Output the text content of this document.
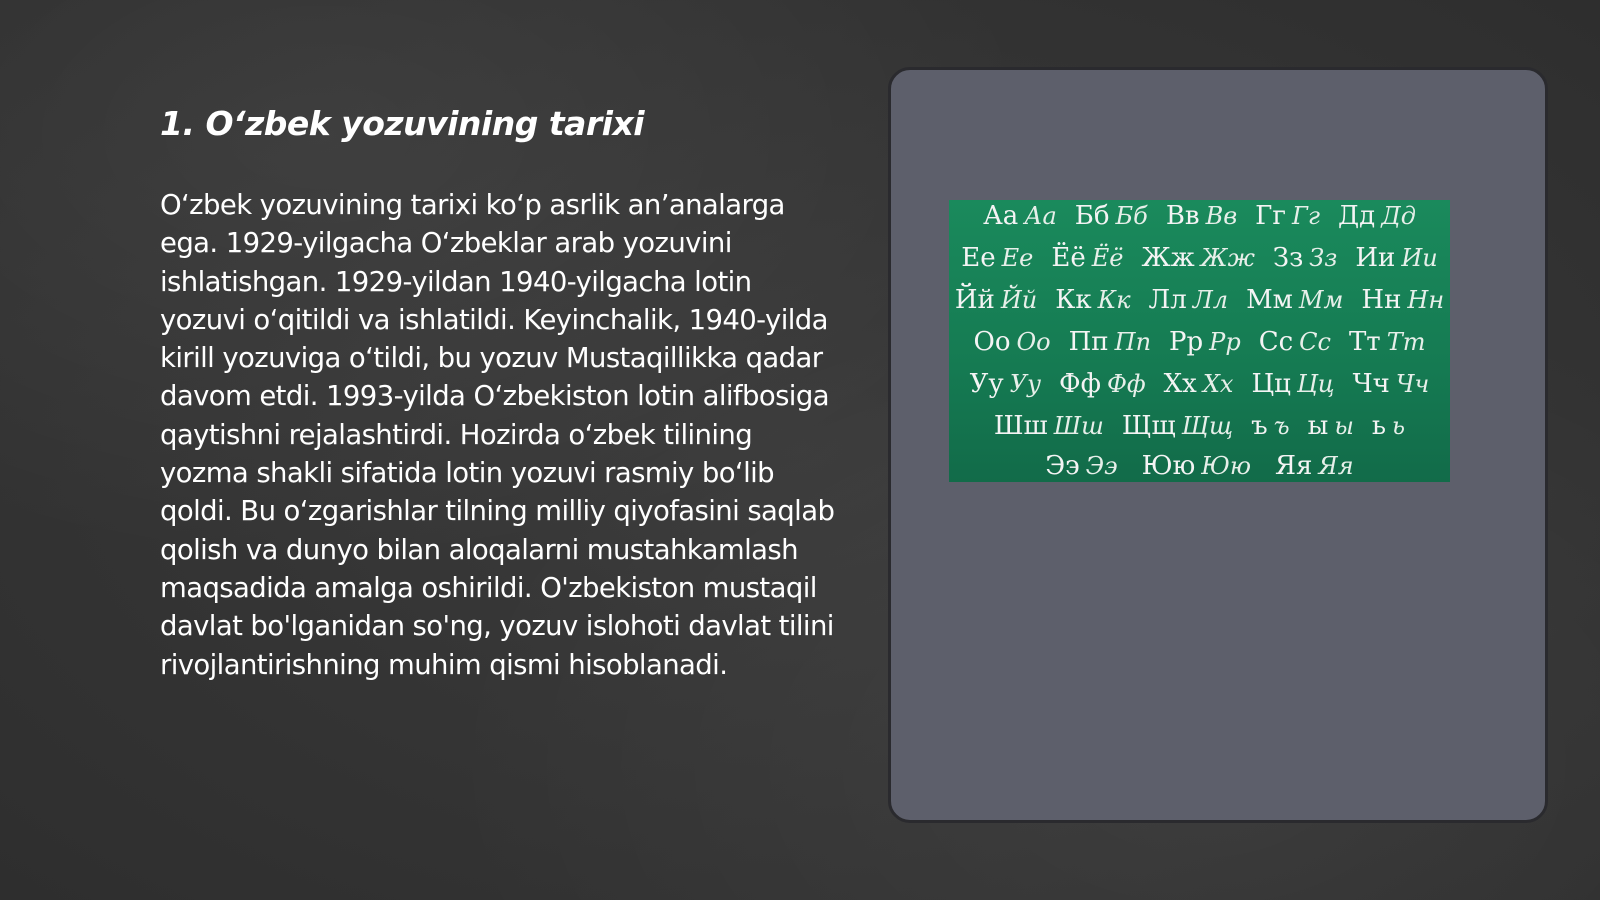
1. O‘zbek yozuvining tarixi

O‘zbek yozuvining tarixi ko‘p asrlik an’analarga ega. 1929-yilgacha O‘zbeklar arab yozuvini ishlatishgan. 1929-yildan 1940-yilgacha lotin yozuvi o‘qitildi va ishlatildi. Keyinchalik, 1940-yilda kirill yozuviga o‘tildi, bu yozuv Mustaqillikka qadar davom etdi. 1993-yilda O‘zbekiston lotin alifbosiga qaytishni rejalashtirdi. Hozirda o‘zbek tilining yozma shakli sifatida lotin yozuvi rasmiy bo‘lib qoldi. Bu o‘zgarishlar tilning milliy qiyofasini saqlab qolish va dunyo bilan aloqalarni mustahkamlash maqsadida amalga oshirildi. O'zbekiston mustaqil davlat bo'lganidan so'ng, yozuv islohoti davlat tilini rivojlantirishning muhim qismi hisoblanadi.

Аа Аа Бб Бб Вв Вв Гг Гг Дд Дд
Ее Ее Ёё Ёё Жж Жж Зз Зз Ии Ии
Йй Йй Кк Кк Лл Лл Мм Мм Нн Нн
Оо Оо Пп Пп Рр Рр Сс Сс Тт Тт
Уу Уу Фф Фф Хх Хх Цц Цц Чч Чч
Шш Шш Щщ Щщ ъ ъ ы ы ь ь
Ээ Ээ Юю Юю Яя Яя
